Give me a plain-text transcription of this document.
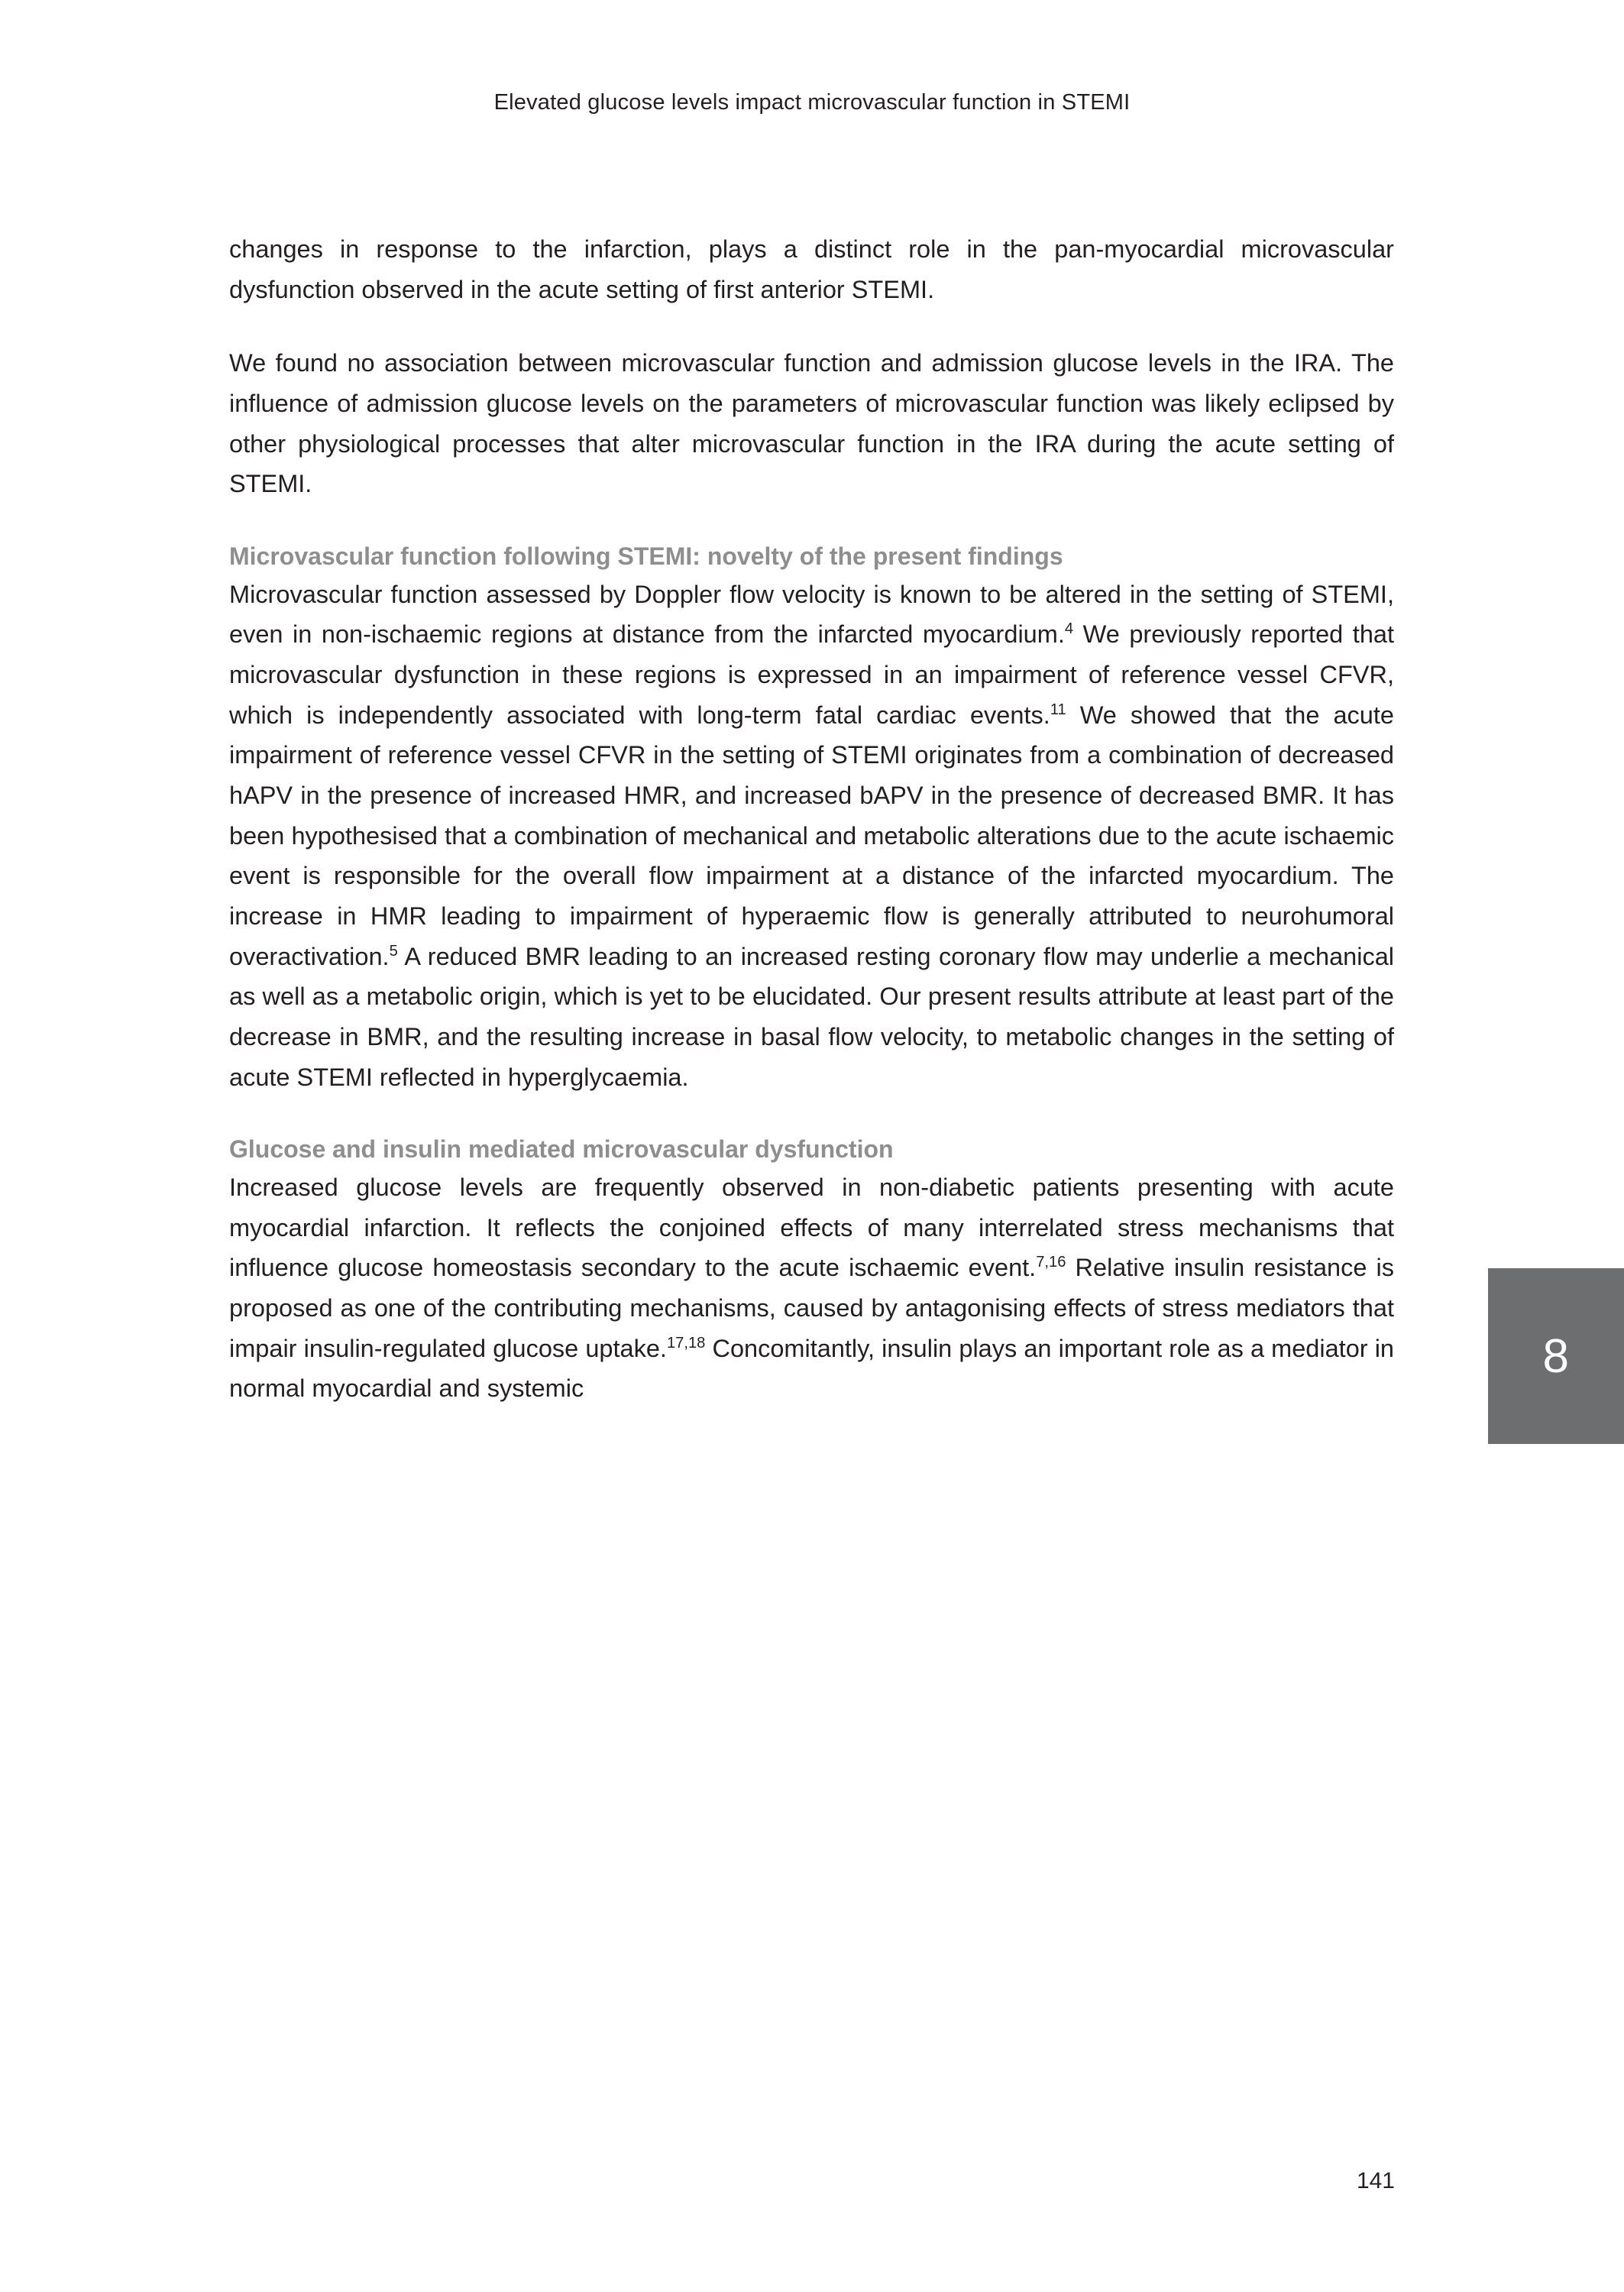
Elevated glucose levels impact microvascular function in STEMI

changes in response to the infarction, plays a distinct role in the pan-myocardial microvascular dysfunction observed in the acute setting of first anterior STEMI.

We found no association between microvascular function and admission glucose levels in the IRA. The influence of admission glucose levels on the parameters of microvascular function was likely eclipsed by other physiological processes that alter microvascular function in the IRA during the acute setting of STEMI.

Microvascular function following STEMI: novelty of the present findings

Microvascular function assessed by Doppler flow velocity is known to be altered in the setting of STEMI, even in non-ischaemic regions at distance from the infarcted myocardium.$^4$ We previously reported that microvascular dysfunction in these regions is expressed in an impairment of reference vessel CFVR, which is independently associated with long-term fatal cardiac events.$^{11}$ We showed that the acute impairment of reference vessel CFVR in the setting of STEMI originates from a combination of decreased hAPV in the presence of increased HMR, and increased bAPV in the presence of decreased BMR. It has been hypothesised that a combination of mechanical and metabolic alterations due to the acute ischaemic event is responsible for the overall flow impairment at a distance of the infarcted myocardium. The increase in HMR leading to impairment of hyperaemic flow is generally attributed to neurohumoral overactivation.$^5$ A reduced BMR leading to an increased resting coronary flow may underlie a mechanical as well as a metabolic origin, which is yet to be elucidated. Our present results attribute at least part of the decrease in BMR, and the resulting increase in basal flow velocity, to metabolic changes in the setting of acute STEMI reflected in hyperglycaemia.

Glucose and insulin mediated microvascular dysfunction

Increased glucose levels are frequently observed in non-diabetic patients presenting with acute myocardial infarction. It reflects the conjoined effects of many interrelated stress mechanisms that influence glucose homeostasis secondary to the acute ischaemic event.$^{7,16}$ Relative insulin resistance is proposed as one of the contributing mechanisms, caused by antagonising effects of stress mediators that impair insulin-regulated glucose uptake.$^{17,18}$ Concomitantly, insulin plays an important role as a mediator in normal myocardial and systemic

8
141
